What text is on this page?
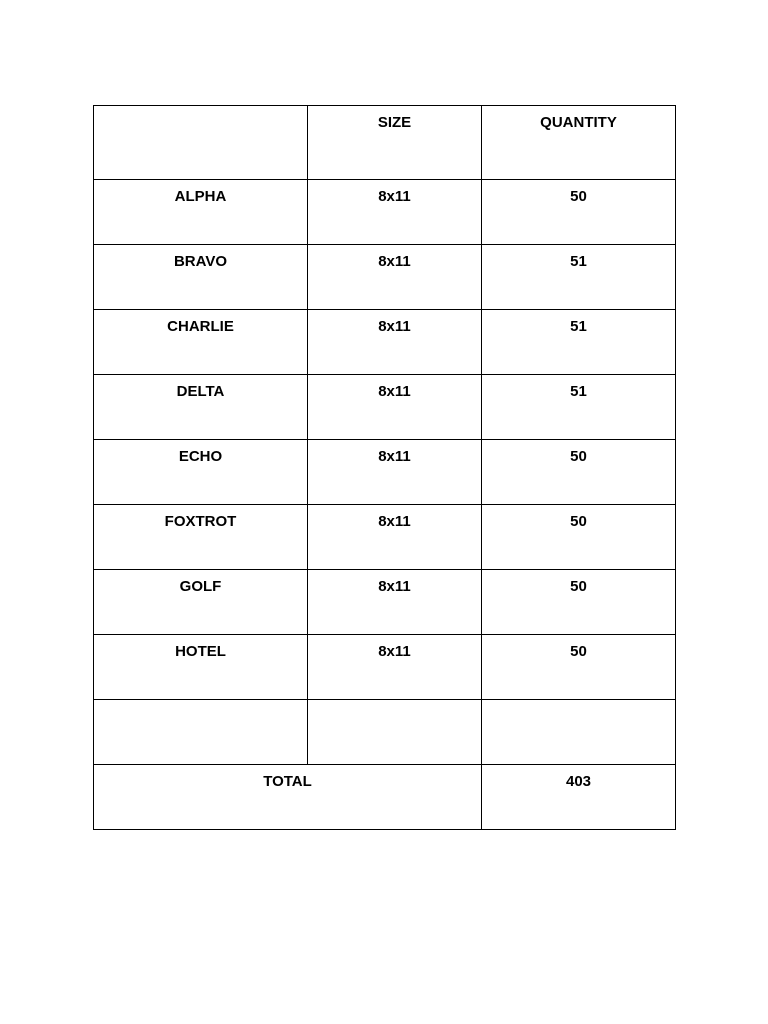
	SIZE	QUANTITY
ALPHA	8x11	50
BRAVO	8x11	51
CHARLIE	8x11	51
DELTA	8x11	51
ECHO	8x11	50
FOXTROT	8x11	50
GOLF	8x11	50
HOTEL	8x11	50

TOTAL		403
